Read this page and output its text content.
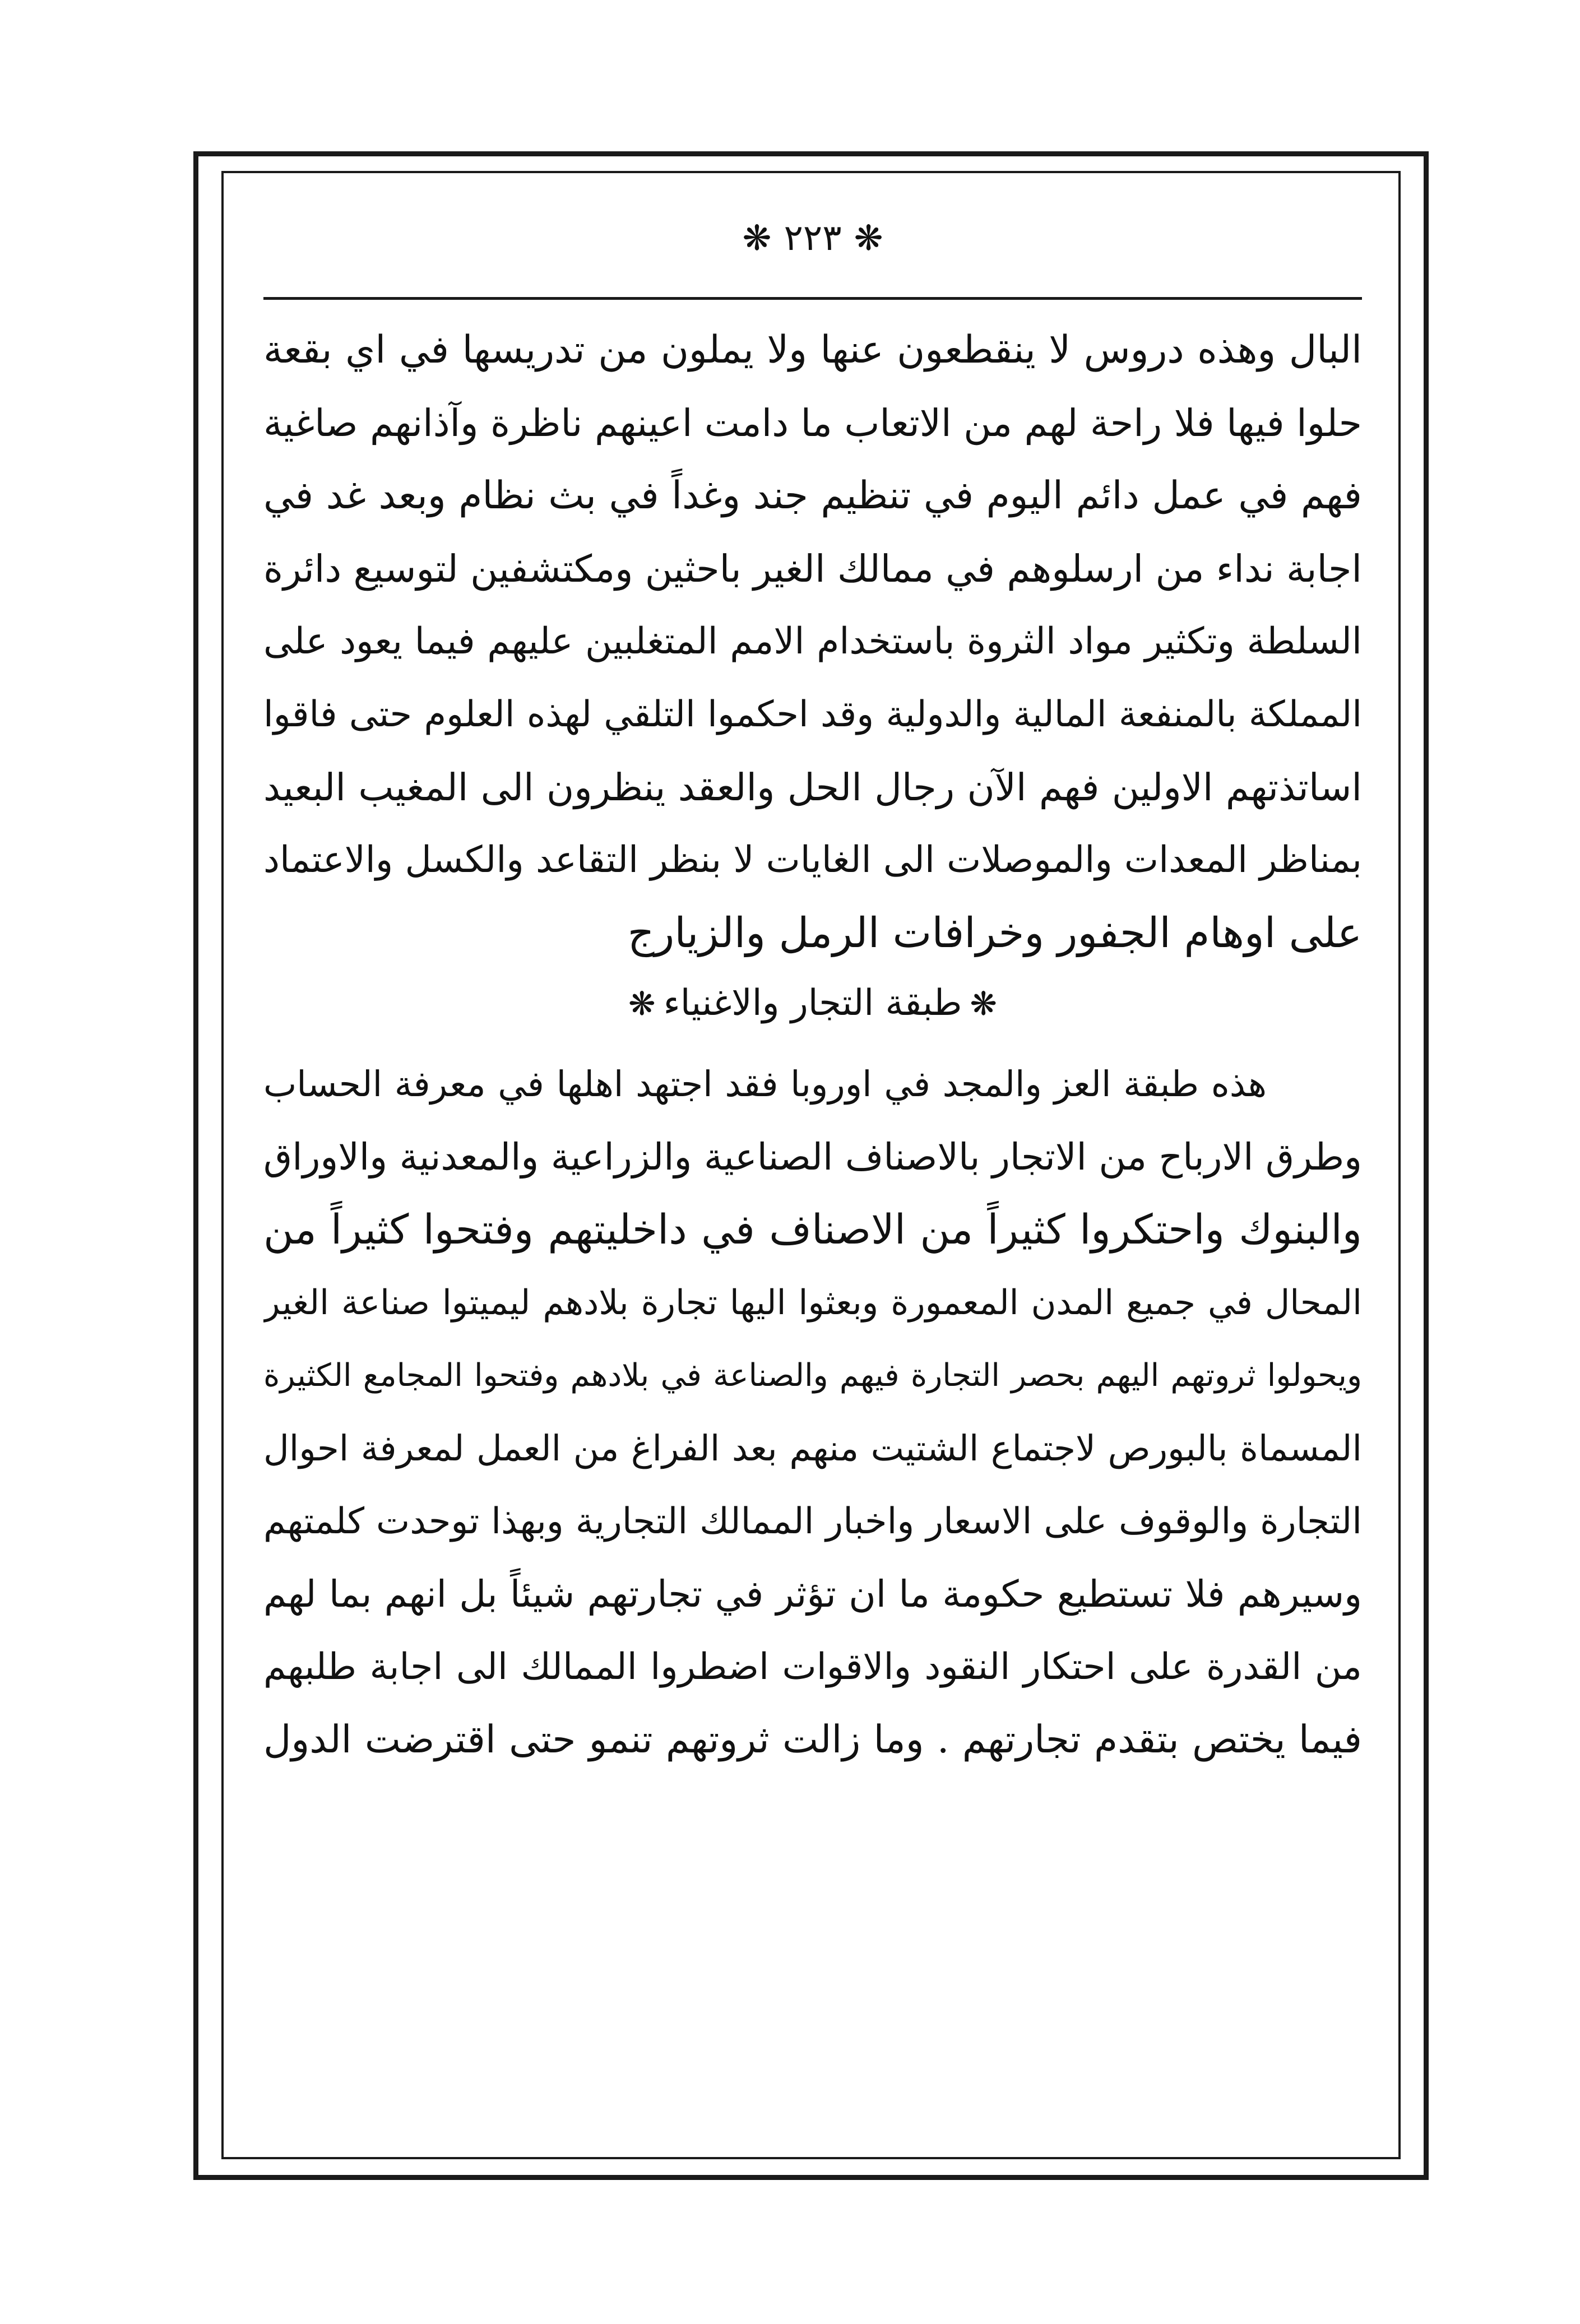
❋ ٢٢٣ ❋
البال وهذه دروس لا ينقطعون عنها ولا يملون من تدريسها في اي بقعة
حلوا فيها فلا راحة لهم من الاتعاب ما دامت اعينهم ناظرة وآذانهم صاغية
فهم في عمل دائم اليوم في تنظيم جند وغداً في بث نظام وبعد غد في
اجابة نداء من ارسلوهم في ممالك الغير باحثين ومكتشفين لتوسيع دائرة
السلطة وتكثير مواد الثروة باستخدام الامم المتغلبين عليهم فيما يعود على
المملكة بالمنفعة المالية والدولية وقد احكموا التلقي لهذه العلوم حتى فاقوا
اساتذتهم الاولين فهم الآن رجال الحل والعقد ينظرون الى المغيب البعيد
بمناظر المعدات والموصلات الى الغايات لا بنظر التقاعد والكسل والاعتماد
على اوهام الجفور وخرافات الرمل والزيارج
❋طبقة التجار والاغنياء❋
هذه طبقة العز والمجد في اوروبا فقد اجتهد اهلها في معرفة الحساب
وطرق الارباح من الاتجار بالاصناف الصناعية والزراعية والمعدنية والاوراق
والبنوك واحتكروا كثيراً من الاصناف في داخليتهم وفتحوا كثيراً من
المحال في جميع المدن المعمورة وبعثوا اليها تجارة بلادهم ليميتوا صناعة الغير
ويحولوا ثروتهم اليهم بحصر التجارة فيهم والصناعة في بلادهم وفتحوا المجامع الكثيرة
المسماة بالبورص لاجتماع الشتيت منهم بعد الفراغ من العمل لمعرفة احوال
التجارة والوقوف على الاسعار واخبار الممالك التجارية وبهذا توحدت كلمتهم
وسيرهم فلا تستطيع حكومة ما ان تؤثر في تجارتهم شيئاً بل انهم بما لهم
من القدرة على احتكار النقود والاقوات اضطروا الممالك الى اجابة طلبهم
فيما يختص بتقدم تجارتهم . وما زالت ثروتهم تنمو حتى اقترضت الدول
